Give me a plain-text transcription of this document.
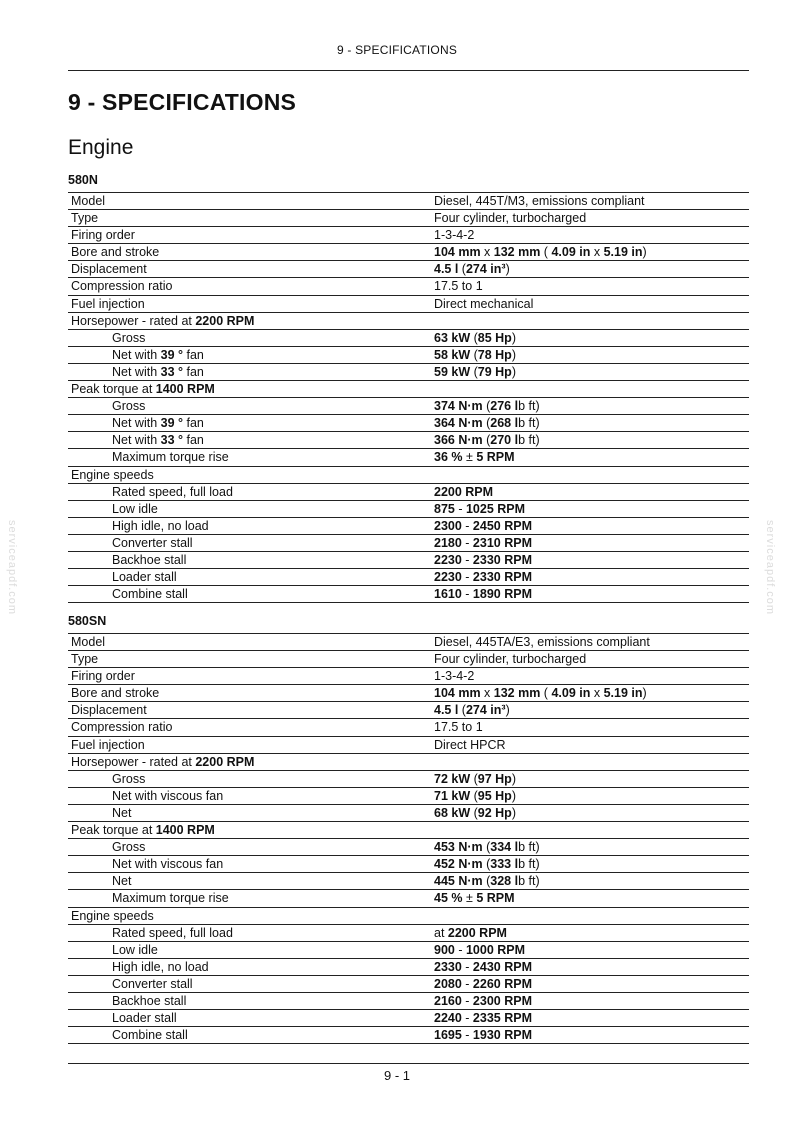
9 - SPECIFICATIONS
9 - SPECIFICATIONS
Engine
580N
Model	Diesel, 445T/M3, emissions compliant
Type	Four cylinder, turbocharged
Firing order	1-3-4-2
Bore and stroke	104 mm x 132 mm ( 4.09 in x 5.19 in)
Displacement	4.5 l (274 in³)
Compression ratio	17.5 to 1
Fuel injection	Direct mechanical
Horsepower - rated at 2200 RPM
Gross	63 kW (85 Hp)
Net with 39 ° fan	58 kW (78 Hp)
Net with 33 ° fan	59 kW (79 Hp)
Peak torque at 1400 RPM
Gross	374 N·m (276 lb ft)
Net with 39 ° fan	364 N·m (268 lb ft)
Net with 33 ° fan	366 N·m (270 lb ft)
Maximum torque rise	36 % ± 5 RPM
Engine speeds
Rated speed, full load	2200 RPM
Low idle	875 - 1025 RPM
High idle, no load	2300 - 2450 RPM
Converter stall	2180 - 2310 RPM
Backhoe stall	2230 - 2330 RPM
Loader stall	2230 - 2330 RPM
Combine stall	1610 - 1890 RPM
580SN
Model	Diesel, 445TA/E3, emissions compliant
Type	Four cylinder, turbocharged
Firing order	1-3-4-2
Bore and stroke	104 mm x 132 mm ( 4.09 in x 5.19 in)
Displacement	4.5 l (274 in³)
Compression ratio	17.5 to 1
Fuel injection	Direct HPCR
Horsepower - rated at 2200 RPM
Gross	72 kW (97 Hp)
Net with viscous fan	71 kW (95 Hp)
Net	68 kW (92 Hp)
Peak torque at 1400 RPM
Gross	453 N·m (334 lb ft)
Net with viscous fan	452 N·m (333 lb ft)
Net	445 N·m (328 lb ft)
Maximum torque rise	45 % ± 5 RPM
Engine speeds
Rated speed, full load	at 2200 RPM
Low idle	900 - 1000 RPM
High idle, no load	2330 - 2430 RPM
Converter stall	2080 - 2260 RPM
Backhoe stall	2160 - 2300 RPM
Loader stall	2240 - 2335 RPM
Combine stall	1695 - 1930 RPM
serviceapdf.com	serviceapdf.com
9 - 1
